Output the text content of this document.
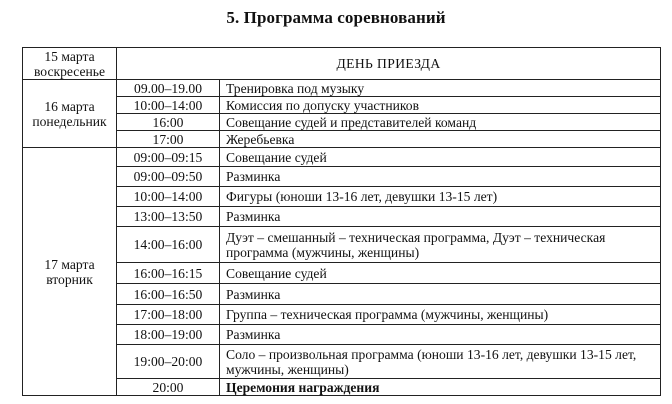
5. Программа соревнований
15 марта
воскресенье	ДЕНЬ ПРИЕЗДА	
16 марта
понедельник	09.00–19.00	Тренировка под музыку
	10:00–14:00	Комиссия по допуску участников
	16:00	Совещание судей и представителей команд
	17:00	Жеребьевка
17 марта
вторник	09:00–09:15	Совещание судей
	09:00–09:50	Разминка
	10:00–14:00	Фигуры (юноши 13-16 лет, девушки 13-15 лет)
	13:00–13:50	Разминка
	14:00–16:00	Дуэт – смешанный – техническая программа, Дуэт – техническая программа (мужчины, женщины)
	16:00–16:15	Совещание судей
	16:00–16:50	Разминка
	17:00–18:00	Группа – техническая программа (мужчины, женщины)
	18:00–19:00	Разминка
	19:00–20:00	Соло – произвольная программа (юноши 13-16 лет, девушки 13-15 лет, мужчины, женщины)
	20:00	Церемония награждения
